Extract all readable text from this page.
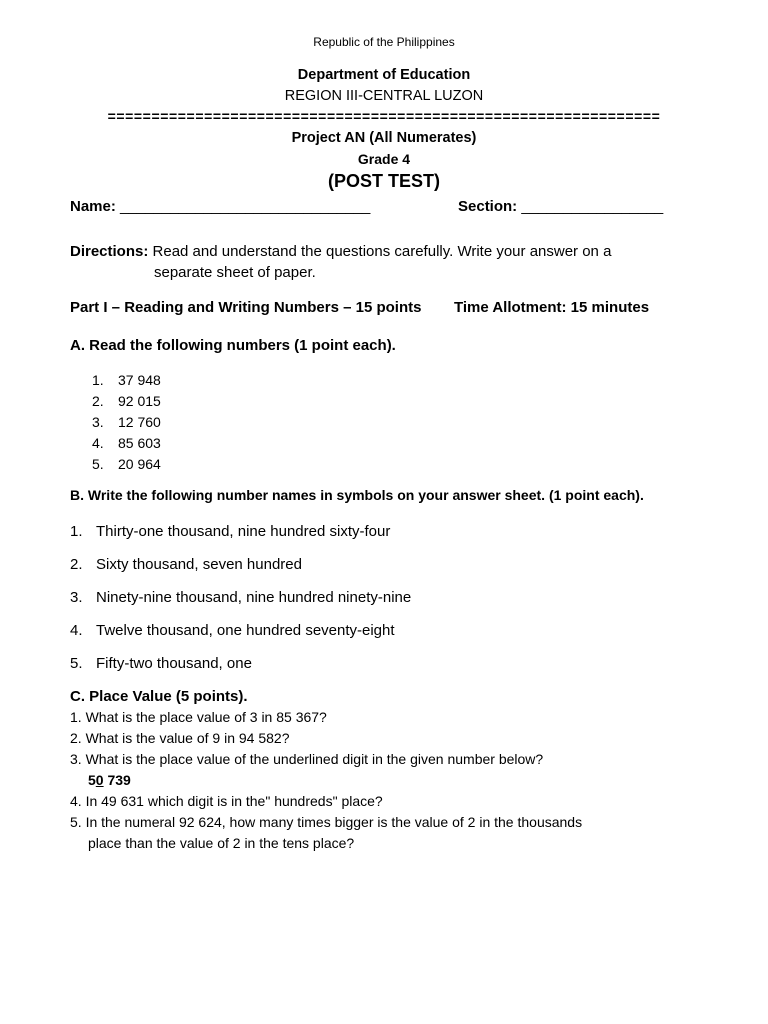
Republic of the Philippines
Department of Education
REGION III-CENTRAL LUZON
===============================================================
Project AN (All Numerates)
Grade 4
(POST TEST)
Name: ______________________________	Section: _________________
Directions: Read and understand the questions carefully. Write your answer on a
separate sheet of paper.
Part I – Reading and Writing Numbers – 15 points Time Allotment: 15 minutes
A. Read the following numbers (1 point each).
1. 37 948
2. 92 015
3. 12 760
4. 85 603
5. 20 964
B. Write the following number names in symbols on your answer sheet. (1 point each).
1. Thirty-one thousand, nine hundred sixty-four
2. Sixty thousand, seven hundred
3. Ninety-nine thousand, nine hundred ninety-nine
4. Twelve thousand, one hundred seventy-eight
5. Fifty-two thousand, one
C. Place Value (5 points).
1. What is the place value of 3 in 85 367?
2. What is the value of 9 in 94 582?
3. What is the place value of the underlined digit in the given number below?
50 739
4. In 49 631 which digit is in the" hundreds" place?
5. In the numeral 92 624, how many times bigger is the value of 2 in the thousands
place than the value of 2 in the tens place?
